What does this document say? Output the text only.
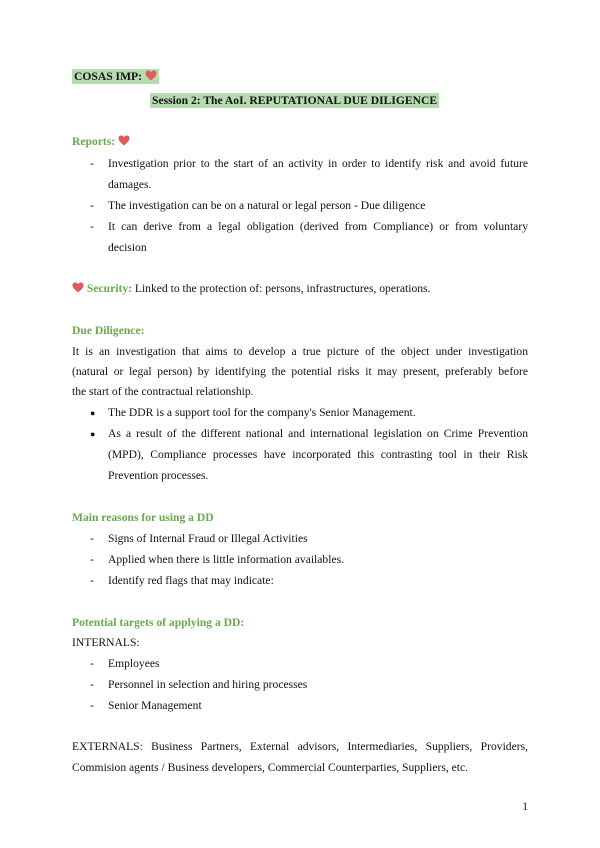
COSAS IMP:
Session 2: The AoI. REPUTATIONAL DUE DILIGENCE
Reports:
- Investigation prior to the start of an activity in order to identify risk and avoid future
damages.
- The investigation can be on a natural or legal person - Due diligence
- It can derive from a legal obligation (derived from Compliance) or from voluntary
decision
Security: Linked to the protection of: persons, infrastructures, operations.
Due Diligence:
It is an investigation that aims to develop a true picture of the object under investigation
(natural or legal person) by identifying the potential risks it may present, preferably before
the start of the contractual relationship.
● The DDR is a support tool for the company's Senior Management.
● As a result of the different national and international legislation on Crime Prevention
(MPD), Compliance processes have incorporated this contrasting tool in their Risk
Prevention processes.
Main reasons for using a DD
- Signs of Internal Fraud or Illegal Activities
- Applied when there is little information availables.
- Identify red flags that may indicate:
Potential targets of applying a DD:
INTERNALS:
- Employees
- Personnel in selection and hiring processes
- Senior Management
EXTERNALS: Business Partners, External advisors, Intermediaries, Suppliers, Providers,
Commision agents / Business developers, Commercial Counterparties, Suppliers, etc.
1
